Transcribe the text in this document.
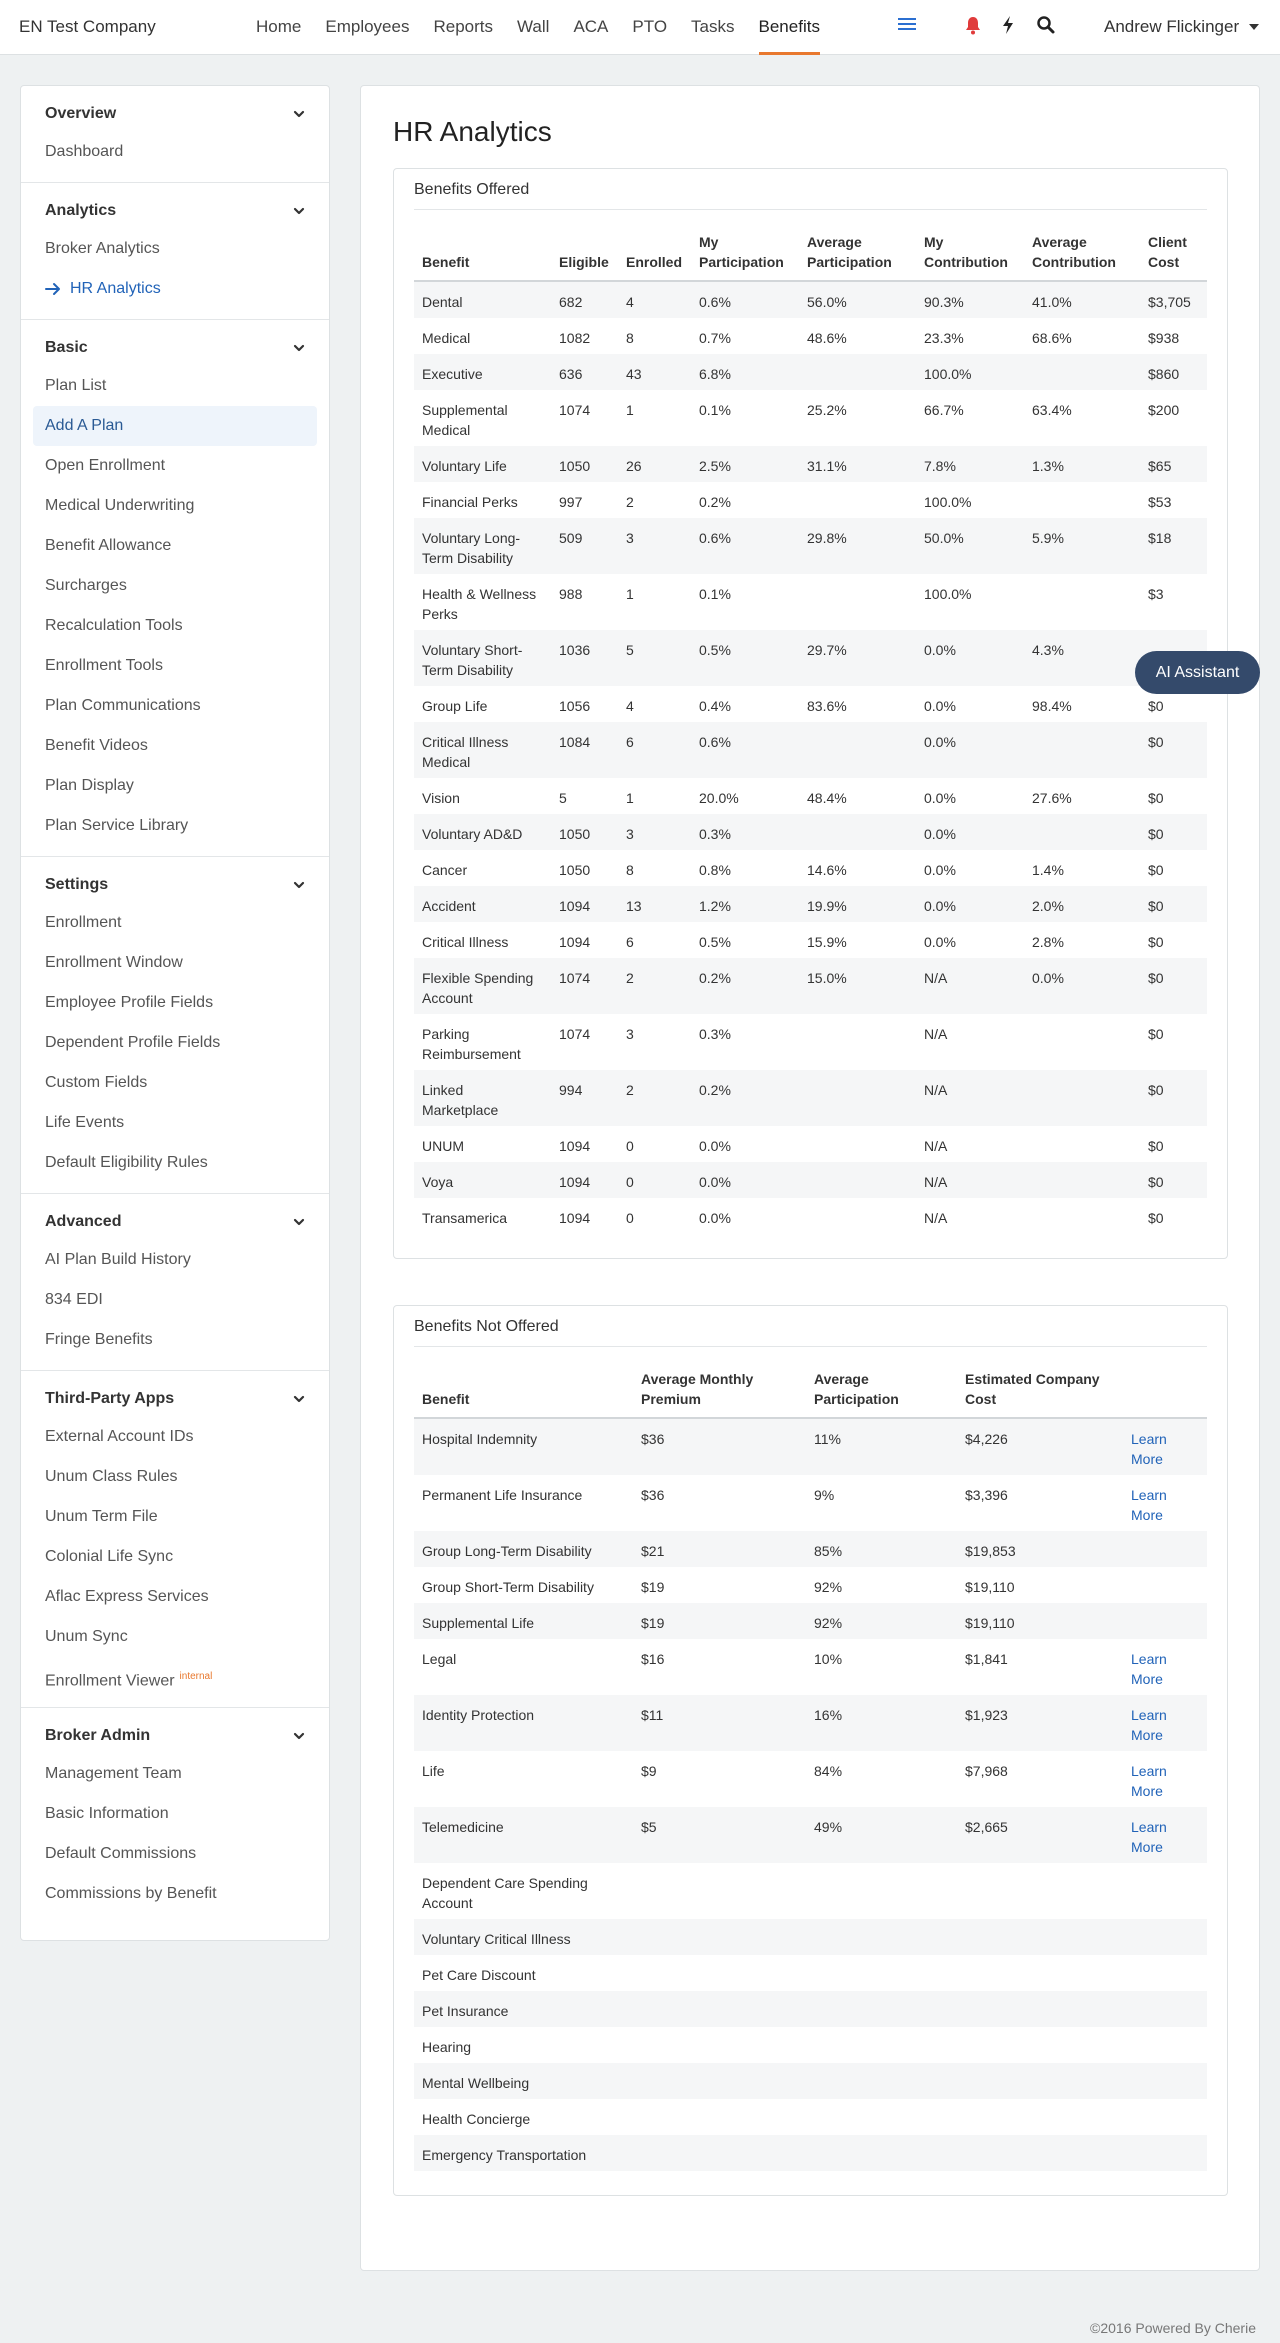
EN Test Company	Home Employees Reports Wall ACA PTO Tasks Benefits	Andrew Flickinger
Overview
Dashboard
Analytics
Broker Analytics
HR Analytics
Basic
Plan List
Add A Plan
Open Enrollment
Medical Underwriting
Benefit Allowance
Surcharges
Recalculation Tools
Enrollment Tools
Plan Communications
Benefit Videos
Plan Display
Plan Service Library
Settings
Enrollment
Enrollment Window
Employee Profile Fields
Dependent Profile Fields
Custom Fields
Life Events
Default Eligibility Rules
Advanced
AI Plan Build History
834 EDI
Fringe Benefits
Third-Party Apps
External Account IDs
Unum Class Rules
Unum Term File
Colonial Life Sync
Aflac Express Services
Unum Sync
Enrollment Viewer $^{internal}$
Broker Admin
Management Team
Basic Information
Default Commissions
Commissions by Benefit
HR Analytics
Benefits Offered
Benefit	Eligible	Enrolled	My Participation	Average Participation	My Contribution	Average Contribution	Client Cost
Dental	682	4	0.6%	56.0%	90.3%	41.0%	$3,705
Medical	1082	8	0.7%	48.6%	23.3%	68.6%	$938
Executive	636	43	6.8%		100.0%		$860
Supplemental Medical	1074	1	0.1%	25.2%	66.7%	63.4%	$200
Voluntary Life	1050	26	2.5%	31.1%	7.8%	1.3%	$65
Financial Perks	997	2	0.2%		100.0%		$53
Voluntary Long-Term Disability	509	3	0.6%	29.8%	50.0%	5.9%	$18
Health & Wellness Perks	988	1	0.1%		100.0%		$3
Voluntary Short-Term Disability	1036	5	0.5%	29.7%	0.0%	4.3%	
Group Life	1056	4	0.4%	83.6%	0.0%	98.4%	$0
Critical Illness Medical	1084	6	0.6%		0.0%		$0
Vision	5	1	20.0%	48.4%	0.0%	27.6%	$0
Voluntary AD&D	1050	3	0.3%		0.0%		$0
Cancer	1050	8	0.8%	14.6%	0.0%	1.4%	$0
Accident	1094	13	1.2%	19.9%	0.0%	2.0%	$0
Critical Illness	1094	6	0.5%	15.9%	0.0%	2.8%	$0
Flexible Spending Account	1074	2	0.2%	15.0%	N/A	0.0%	$0
Parking Reimbursement	1074	3	0.3%		N/A		$0
Linked Marketplace	994	2	0.2%		N/A		$0
UNUM	1094	0	0.0%		N/A		$0
Voya	1094	0	0.0%		N/A		$0
Transamerica	1094	0	0.0%		N/A		$0
Benefits Not Offered
Benefit	Average Monthly Premium	Average Participation	Estimated Company Cost	
Hospital Indemnity	$36	11%	$4,226	Learn More
Permanent Life Insurance	$36	9%	$3,396	Learn More
Group Long-Term Disability	$21	85%	$19,853	
Group Short-Term Disability	$19	92%	$19,110	
Supplemental Life	$19	92%	$19,110	
Legal	$16	10%	$1,841	Learn More
Identity Protection	$11	16%	$1,923	Learn More
Life	$9	84%	$7,968	Learn More
Telemedicine	$5	49%	$2,665	Learn More
Dependent Care Spending Account				
Voluntary Critical Illness				
Pet Care Discount				
Pet Insurance				
Hearing				
Mental Wellbeing				
Health Concierge				
Emergency Transportation				
AI Assistant
©2016 Powered By Cherie
